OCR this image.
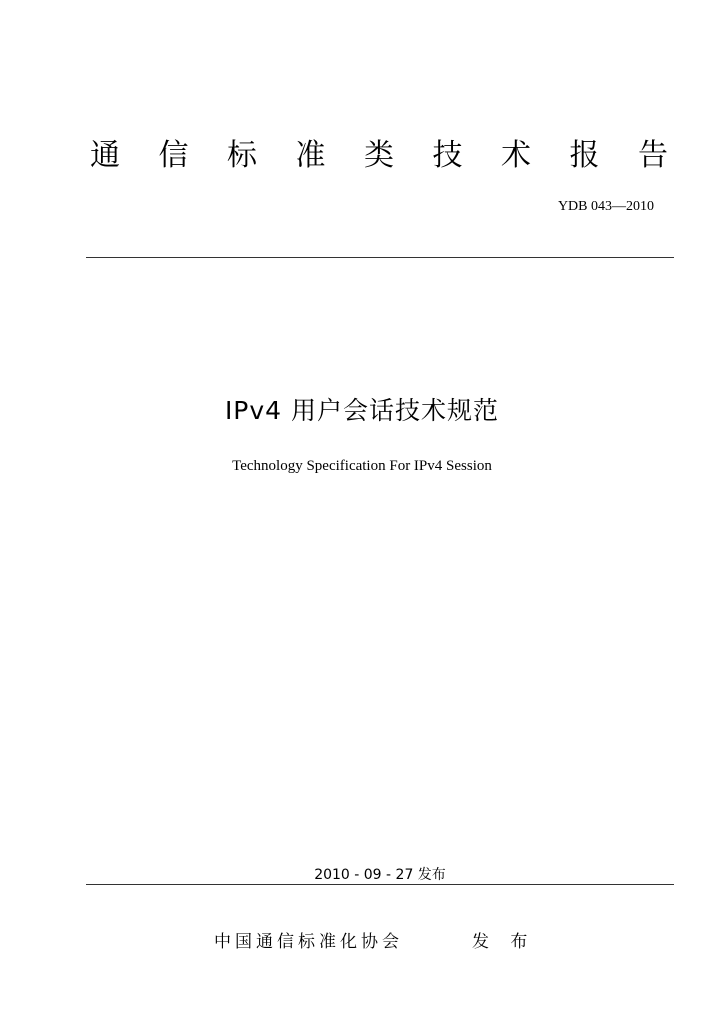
通 信 标 准 类 技 术 报 告
YDB 043—2010
IPv4 用户会话技术规范
Technology Specification For IPv4 Session
2010 - 09 - 27 发布
中国通信标准化协会	发 布
